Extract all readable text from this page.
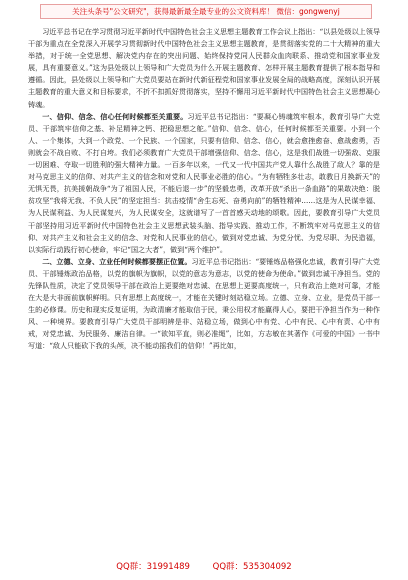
关注头条号"公文研究"，获得最新最全最专业的公文资料库！ 微信：gongwenyj

习近平总书记在学习贯彻习近平新时代中国特色社会主义思想主题教育工作会议上指出：“以县处级以上领导干部为重点在全党深入开展学习贯彻新时代中国特色社会主义思想主题教育，是贯彻落实党的二十大精神的重大举措，对于统一全党思想、解决党内存在的突出问题、始终保持党同人民群众血肉联系、推动党和国家事业发展，具有重要意义。”这为县处级以上领导和广大党员为什么开展主题教育、怎样开展主题教育提供了根本指导和遵循。因此，县处级以上领导和广大党员要站在新时代新征程党和国家事业发展全局的战略高度，深刻认识开展主题教育的重大意义和目标要求，不折不扣抓好贯彻落实，坚持不懈用习近平新时代中国特色社会主义思想凝心铸魂。

一、信仰、信念、信心任何时候都至关重要。习近平总书记指出：“要凝心铸魂筑牢根本，教育引导广大党员、干部筑牢信仰之基、补足精神之钙、把稳思想之舵。”信仰、信念、信心，任何时候都至关重要。小到一个人、一个集体，大到一个政党、一个民族、一个国家，只要有信仰、信念、信心，就会愈挫愈奋、愈战愈勇，否则就会不战自败、不打自垮。我们必须教育广大党员干部增强信仰、信念、信心，这是我们战胜一切强敌、克服一切困难、夺取一切胜利的强大精神力量。一百多年以来，一代又一代中国共产党人靠什么战胜了敌人？靠的是对马克思主义的信仰、对共产主义的信念和对党和人民事业必胜的信心。“为有牺牲多壮志，敢教日月换新天”的无惧无畏，抗美援朝战争“为了祖国人民，不能后退一步”的坚毅忠勇，改革开放“杀出一条血路”的果敢决绝：脱贫攻坚“我将无我、不负人民”的坚定担当：抗击疫情“舍生忘死、奋勇向前”的牺牲精神……这是为人民谋幸福、为人民谋利益、为人民谋复兴，为人民谋安全，这就谱写了一首首感天动地的颂歌。因此，要教育引导广大党员干部坚持用习近平新时代中国特色社会主义思想武装头脑、指导实践、推动工作，不断筑牢对马克思主义的信仰、对共产主义和社会主义的信念、对党和人民事业的信心，做到对党忠诚、为党分忧、为党尽职、为民造福，以实际行动践行初心使命，牢记“国之大者”，做到“两个维护”。

二、立德、立身、立业任何时候都要摆正位置。习近平总书记指出：“要锤炼品格强化忠诚，教育引导广大党员、干部锤炼政治品格，以党的旗帜为旗帜，以党的意志为意志，以党的使命为使命。”做到忠诚干净担当。党的先锋队性质，决定了党员领导干部在政治上更要绝对忠诚、在思想上更要高度统一，只有政治上绝对可靠，才能在大是大非面前旗帜鲜明。只有思想上高度统一，才能在关键时刻站稳立场。立德、立身、立业，是党员干部一生的必修课。历史和现实反复证明，为政清廉才能取信于民，秉公用权才能赢得人心，要把干净担当作为一种作风、一种境界。要教育引导广大党员干部明辨是非、站稳立场，做到心中有党、心中有民、心中有责、心中有戒，对党忠诚、为民服务、廉洁自律。一“欲知平直，则必准绳”，比如，方志敏在其著作《可爱的中国》一书中写道：“敌人只能砍下我的头颅，决不能动摇我们的信仰！”再比如，

QQ群：31991489	QQ群：535304092
